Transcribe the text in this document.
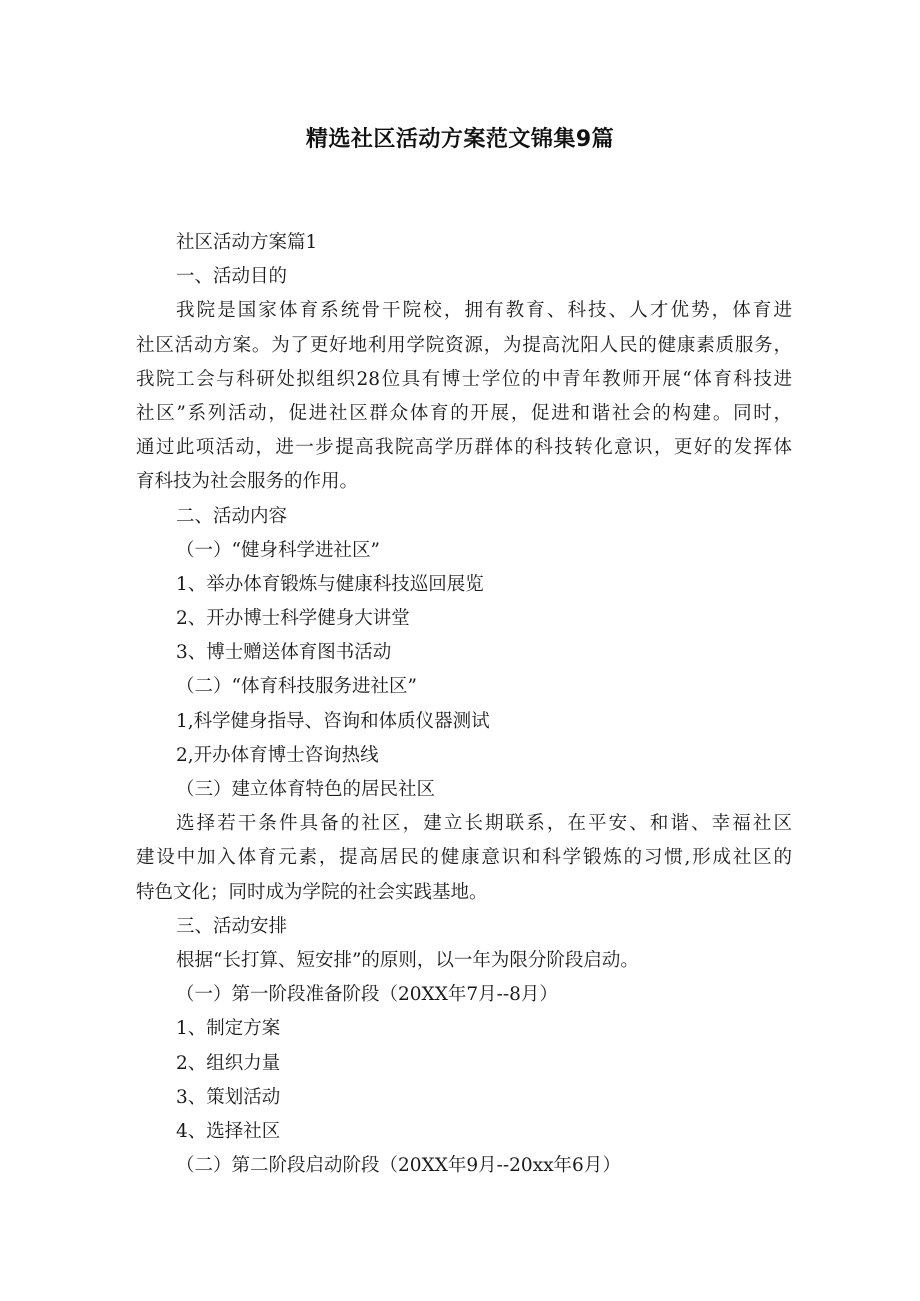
精选社区活动方案范文锦集9篇
社区活动方案篇1
一、活动目的
我院是国家体育系统骨干院校，拥有教育、科技、人才优势，体育进
社区活动方案。为了更好地利用学院资源，为提高沈阳人民的健康素质服务，
我院工会与科研处拟组织28位具有博士学位的中青年教师开展“体育科技进
社区”系列活动，促进社区群众体育的开展，促进和谐社会的构建。同时，
通过此项活动，进一步提高我院高学历群体的科技转化意识，更好的发挥体
育科技为社会服务的作用。
二、活动内容
（一）“健身科学进社区”
1、举办体育锻炼与健康科技巡回展览
2、开办博士科学健身大讲堂
3、博士赠送体育图书活动
（二）“体育科技服务进社区”
1,科学健身指导、咨询和体质仪器测试
2,开办体育博士咨询热线
（三）建立体育特色的居民社区
选择若干条件具备的社区，建立长期联系，在平安、和谐、幸福社区
建设中加入体育元素，提高居民的健康意识和科学锻炼的习惯,形成社区的
特色文化；同时成为学院的社会实践基地。
三、活动安排
根据“长打算、短安排”的原则，以一年为限分阶段启动。
（一）第一阶段准备阶段（20XX年7月--8月）
1、制定方案
2、组织力量
3、策划活动
4、选择社区
（二）第二阶段启动阶段（20XX年9月--20xx年6月）
